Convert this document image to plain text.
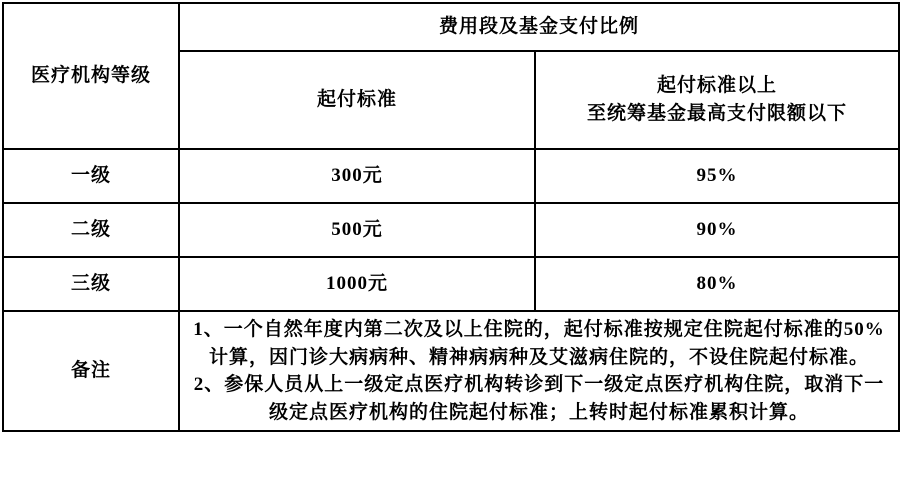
医疗机构等级	费用段及基金支付比例	
	起付标准	起付标准以上
至统筹基金最高支付限额以下

一级	300元	95%
二级	500元	90%
三级	1000元	80%
备注	1、一个自然年度内第二次及以上住院的，起付标准按规定住院起付标准的50%计算，因门诊大病病种、精神病病种及艾滋病住院的，不设住院起付标准。

2、参保人员从上一级定点医疗机构转诊到下一级定点医疗机构住院，取消下一级定点医疗机构的住院起付标准；上转时起付标准累积计算。	
